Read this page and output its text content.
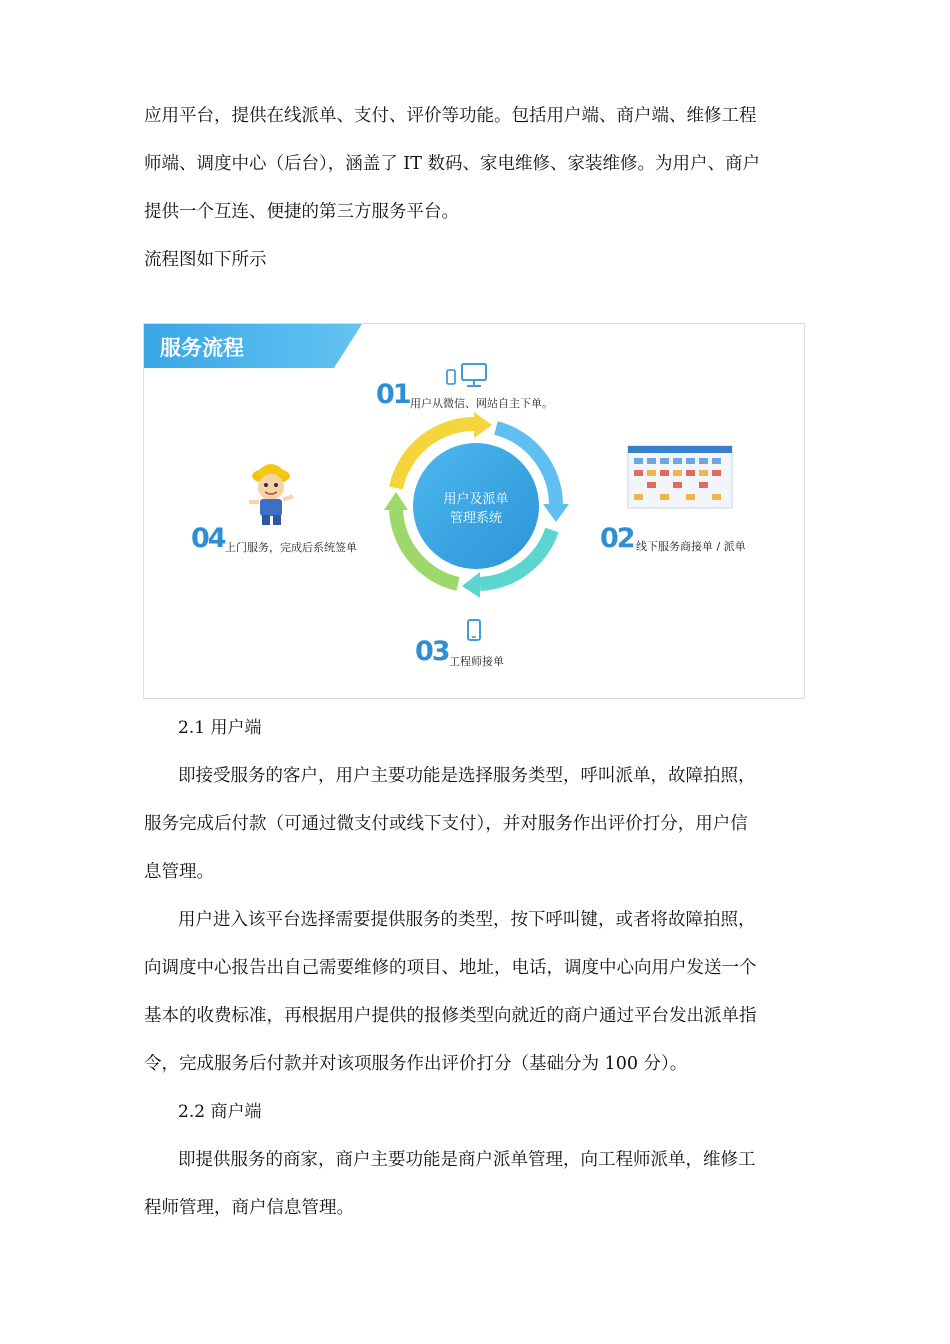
应用平台，提供在线派单、支付、评价等功能。包括用户端、商户端、维修工程
师端、调度中心（后台），涵盖了 IT 数码、家电维修、家装维修。为用户、商户
提供一个互连、便捷的第三方服务平台。
流程图如下所示
服务流程
用户及派单
管理系统
01 用户从微信、网站自主下单。
02 线下服务商接单 / 派单
03 工程师接单
04 上门服务，完成后系统签单
2.1 用户端
即接受服务的客户，用户主要功能是选择服务类型，呼叫派单，故障拍照，
服务完成后付款（可通过微支付或线下支付），并对服务作出评价打分，用户信
息管理。
用户进入该平台选择需要提供服务的类型，按下呼叫键，或者将故障拍照，
向调度中心报告出自己需要维修的项目、地址，电话，调度中心向用户发送一个
基本的收费标准，再根据用户提供的报修类型向就近的商户通过平台发出派单指
令，完成服务后付款并对该项服务作出评价打分（基础分为 100 分）。
2.2 商户端
即提供服务的商家，商户主要功能是商户派单管理，向工程师派单，维修工
程师管理，商户信息管理。
